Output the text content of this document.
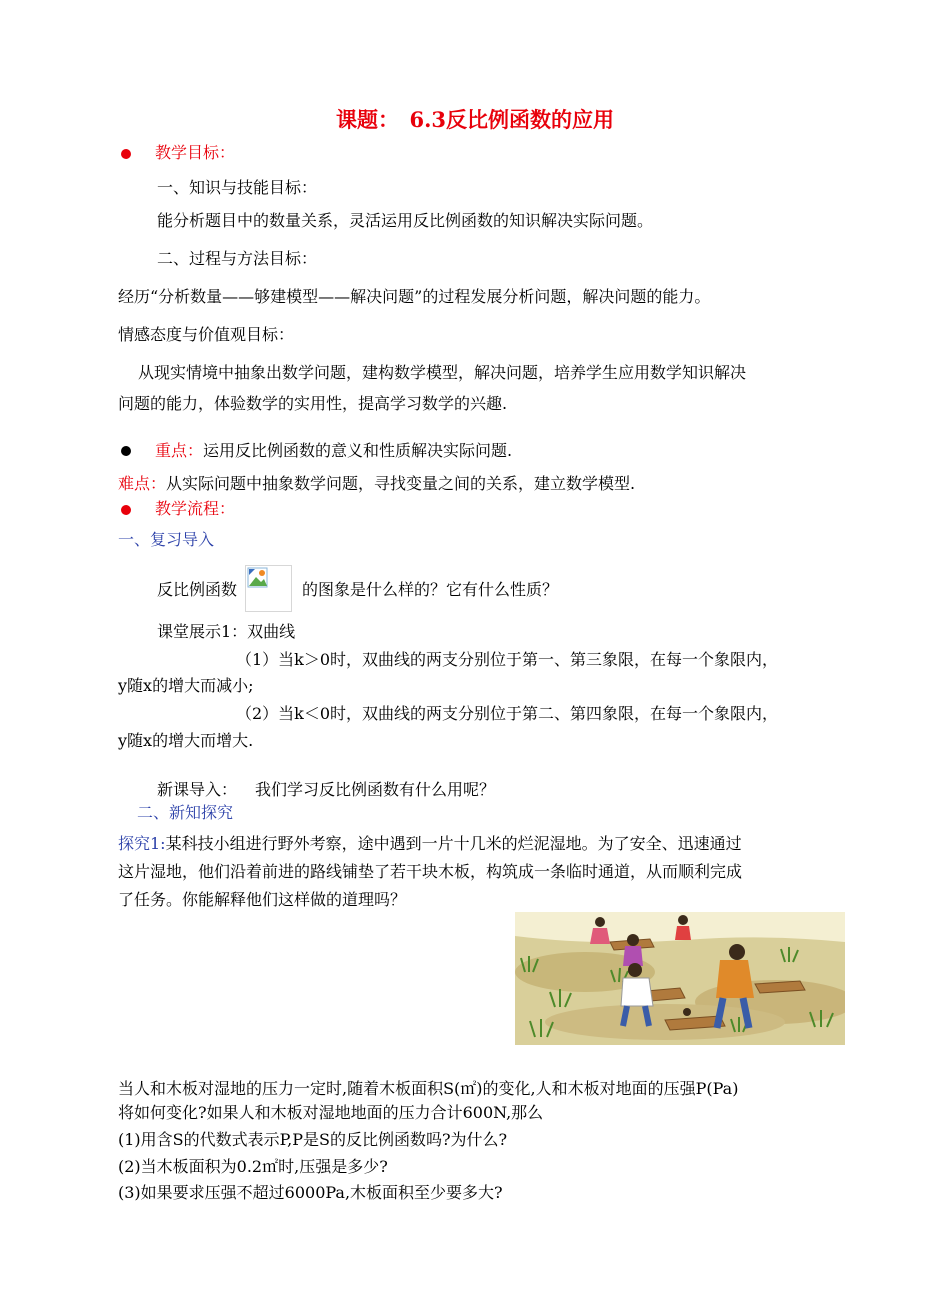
课题：　6.3反比例函数的应用
教学目标：
一、知识与技能目标：
能分析题目中的数量关系，灵活运用反比例函数的知识解决实际问题。
二、过程与方法目标：
经历“分析数量——够建模型——解决问题”的过程发展分析问题，解决问题的能力。
情感态度与价值观目标：
从现实情境中抽象出数学问题，建构数学模型，解决问题，培养学生应用数学知识解决
问题的能力，体验数学的实用性，提高学习数学的兴趣.
重点：运用反比例函数的意义和性质解决实际问题.
难点：从实际问题中抽象数学问题，寻找变量之间的关系，建立数学模型.
教学流程：
一、复习导入
反比例函数	的图象是什么样的？它有什么性质？
课堂展示1：双曲线
（1）当k＞0时，双曲线的两支分别位于第一、第三象限，在每一个象限内，
y随x的增大而减小;
（2）当k＜0时，双曲线的两支分别位于第二、第四象限，在每一个象限内，
y随x的增大而增大.
新课导入： 我们学习反比例函数有什么用呢？
二、新知探究
探究1:某科技小组进行野外考察，途中遇到一片十几米的烂泥湿地。为了安全、迅速通过
这片湿地，他们沿着前进的路线铺垫了若干块木板，构筑成一条临时通道，从而顺利完成
了任务。你能解释他们这样做的道理吗？
当人和木板对湿地的压力一定时,随着木板面积S(㎡)的变化,人和木板对地面的压强P(Pa)
将如何变化?如果人和木板对湿地地面的压力合计600N,那么
(1)用含S的代数式表示P,P是S的反比例函数吗?为什么?
(2)当木板面积为0.2㎡时,压强是多少?
(3)如果要求压强不超过6000Pa,木板面积至少要多大?
